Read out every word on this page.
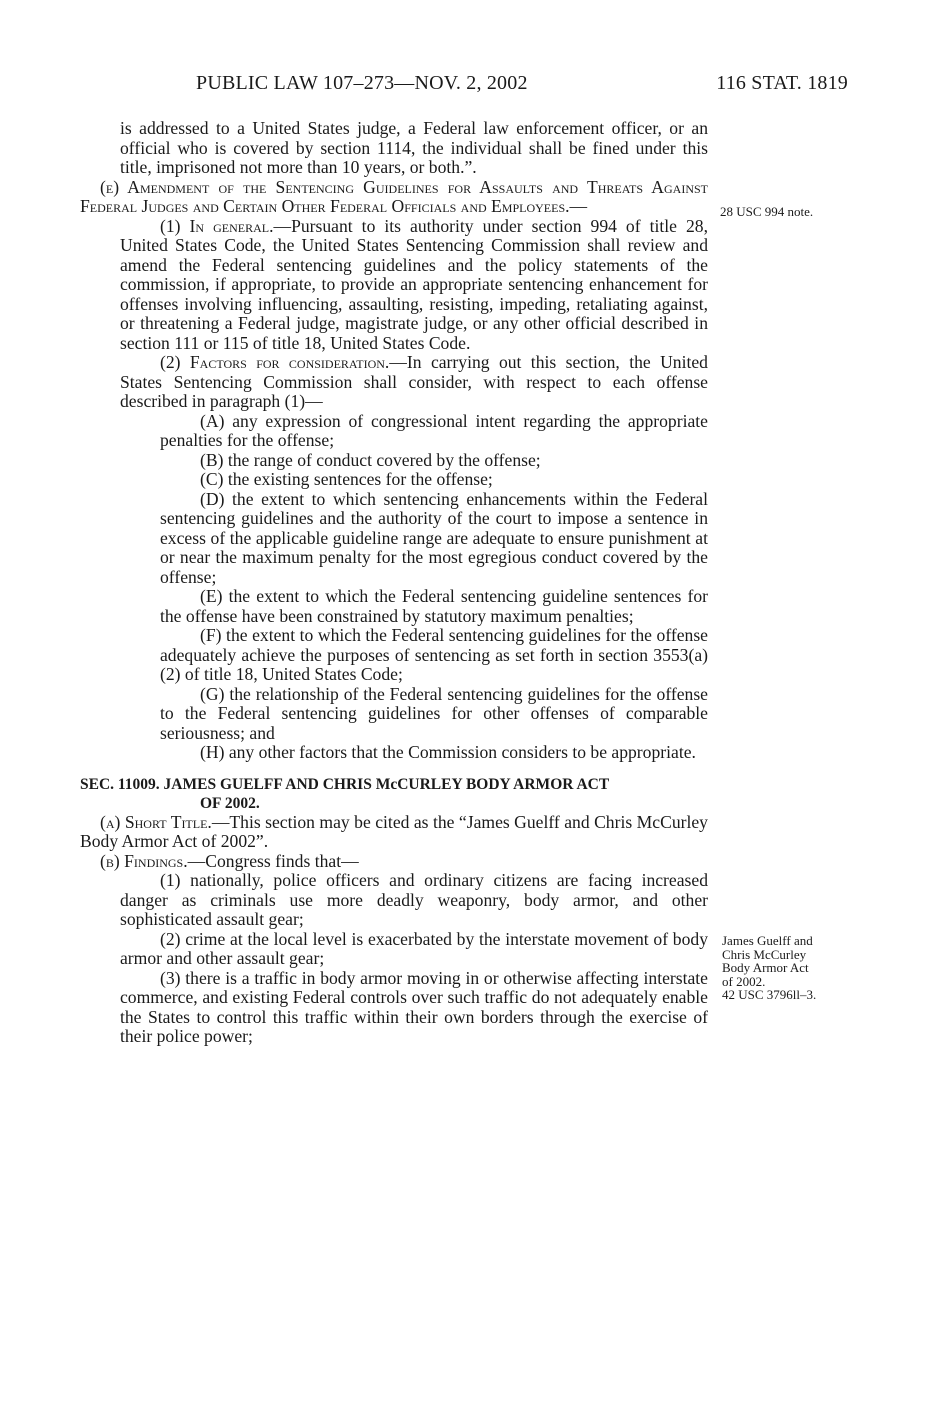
PUBLIC LAW 107–273—NOV. 2, 2002	116 STAT. 1819
28 USC 994 note.
James Guelff and
Chris McCurley
Body Armor Act
of 2002.
42 USC 3796ll–3.

is addressed to a United States judge, a Federal law enforcement officer, or an official who is covered by section 1114, the individual shall be fined under this title, imprisoned not more than 10 years, or both.”.

(e) Amendment of the Sentencing Guidelines for Assaults and Threats Against Federal Judges and Certain Other Federal Officials and Employees.—

(1) In general.—Pursuant to its authority under section 994 of title 28, United States Code, the United States Sentencing Commission shall review and amend the Federal sentencing guidelines and the policy statements of the commission, if appropriate, to provide an appropriate sentencing enhancement for offenses involving influencing, assaulting, resisting, impeding, retaliating against, or threatening a Federal judge, magistrate judge, or any other official described in section 111 or 115 of title 18, United States Code.

(2) Factors for consideration.—In carrying out this section, the United States Sentencing Commission shall consider, with respect to each offense described in paragraph (1)—

(A) any expression of congressional intent regarding the appropriate penalties for the offense;

(B) the range of conduct covered by the offense;

(C) the existing sentences for the offense;

(D) the extent to which sentencing enhancements within the Federal sentencing guidelines and the authority of the court to impose a sentence in excess of the applicable guideline range are adequate to ensure punishment at or near the maximum penalty for the most egregious conduct covered by the offense;

(E) the extent to which the Federal sentencing guideline sentences for the offense have been constrained by statutory maximum penalties;

(F) the extent to which the Federal sentencing guidelines for the offense adequately achieve the purposes of sentencing as set forth in section 3553(a)(2) of title 18, United States Code;

(G) the relationship of the Federal sentencing guidelines for the offense to the Federal sentencing guidelines for other offenses of comparable seriousness; and

(H) any other factors that the Commission considers to be appropriate.

SEC. 11009. JAMES GUELFF AND CHRIS McCURLEY BODY ARMOR ACT
OF 2002.

(a) Short Title.—This section may be cited as the “James Guelff and Chris McCurley Body Armor Act of 2002”.

(b) Findings.—Congress finds that—

(1) nationally, police officers and ordinary citizens are facing increased danger as criminals use more deadly weaponry, body armor, and other sophisticated assault gear;

(2) crime at the local level is exacerbated by the interstate movement of body armor and other assault gear;

(3) there is a traffic in body armor moving in or otherwise affecting interstate commerce, and existing Federal controls over such traffic do not adequately enable the States to control this traffic within their own borders through the exercise of their police power;
